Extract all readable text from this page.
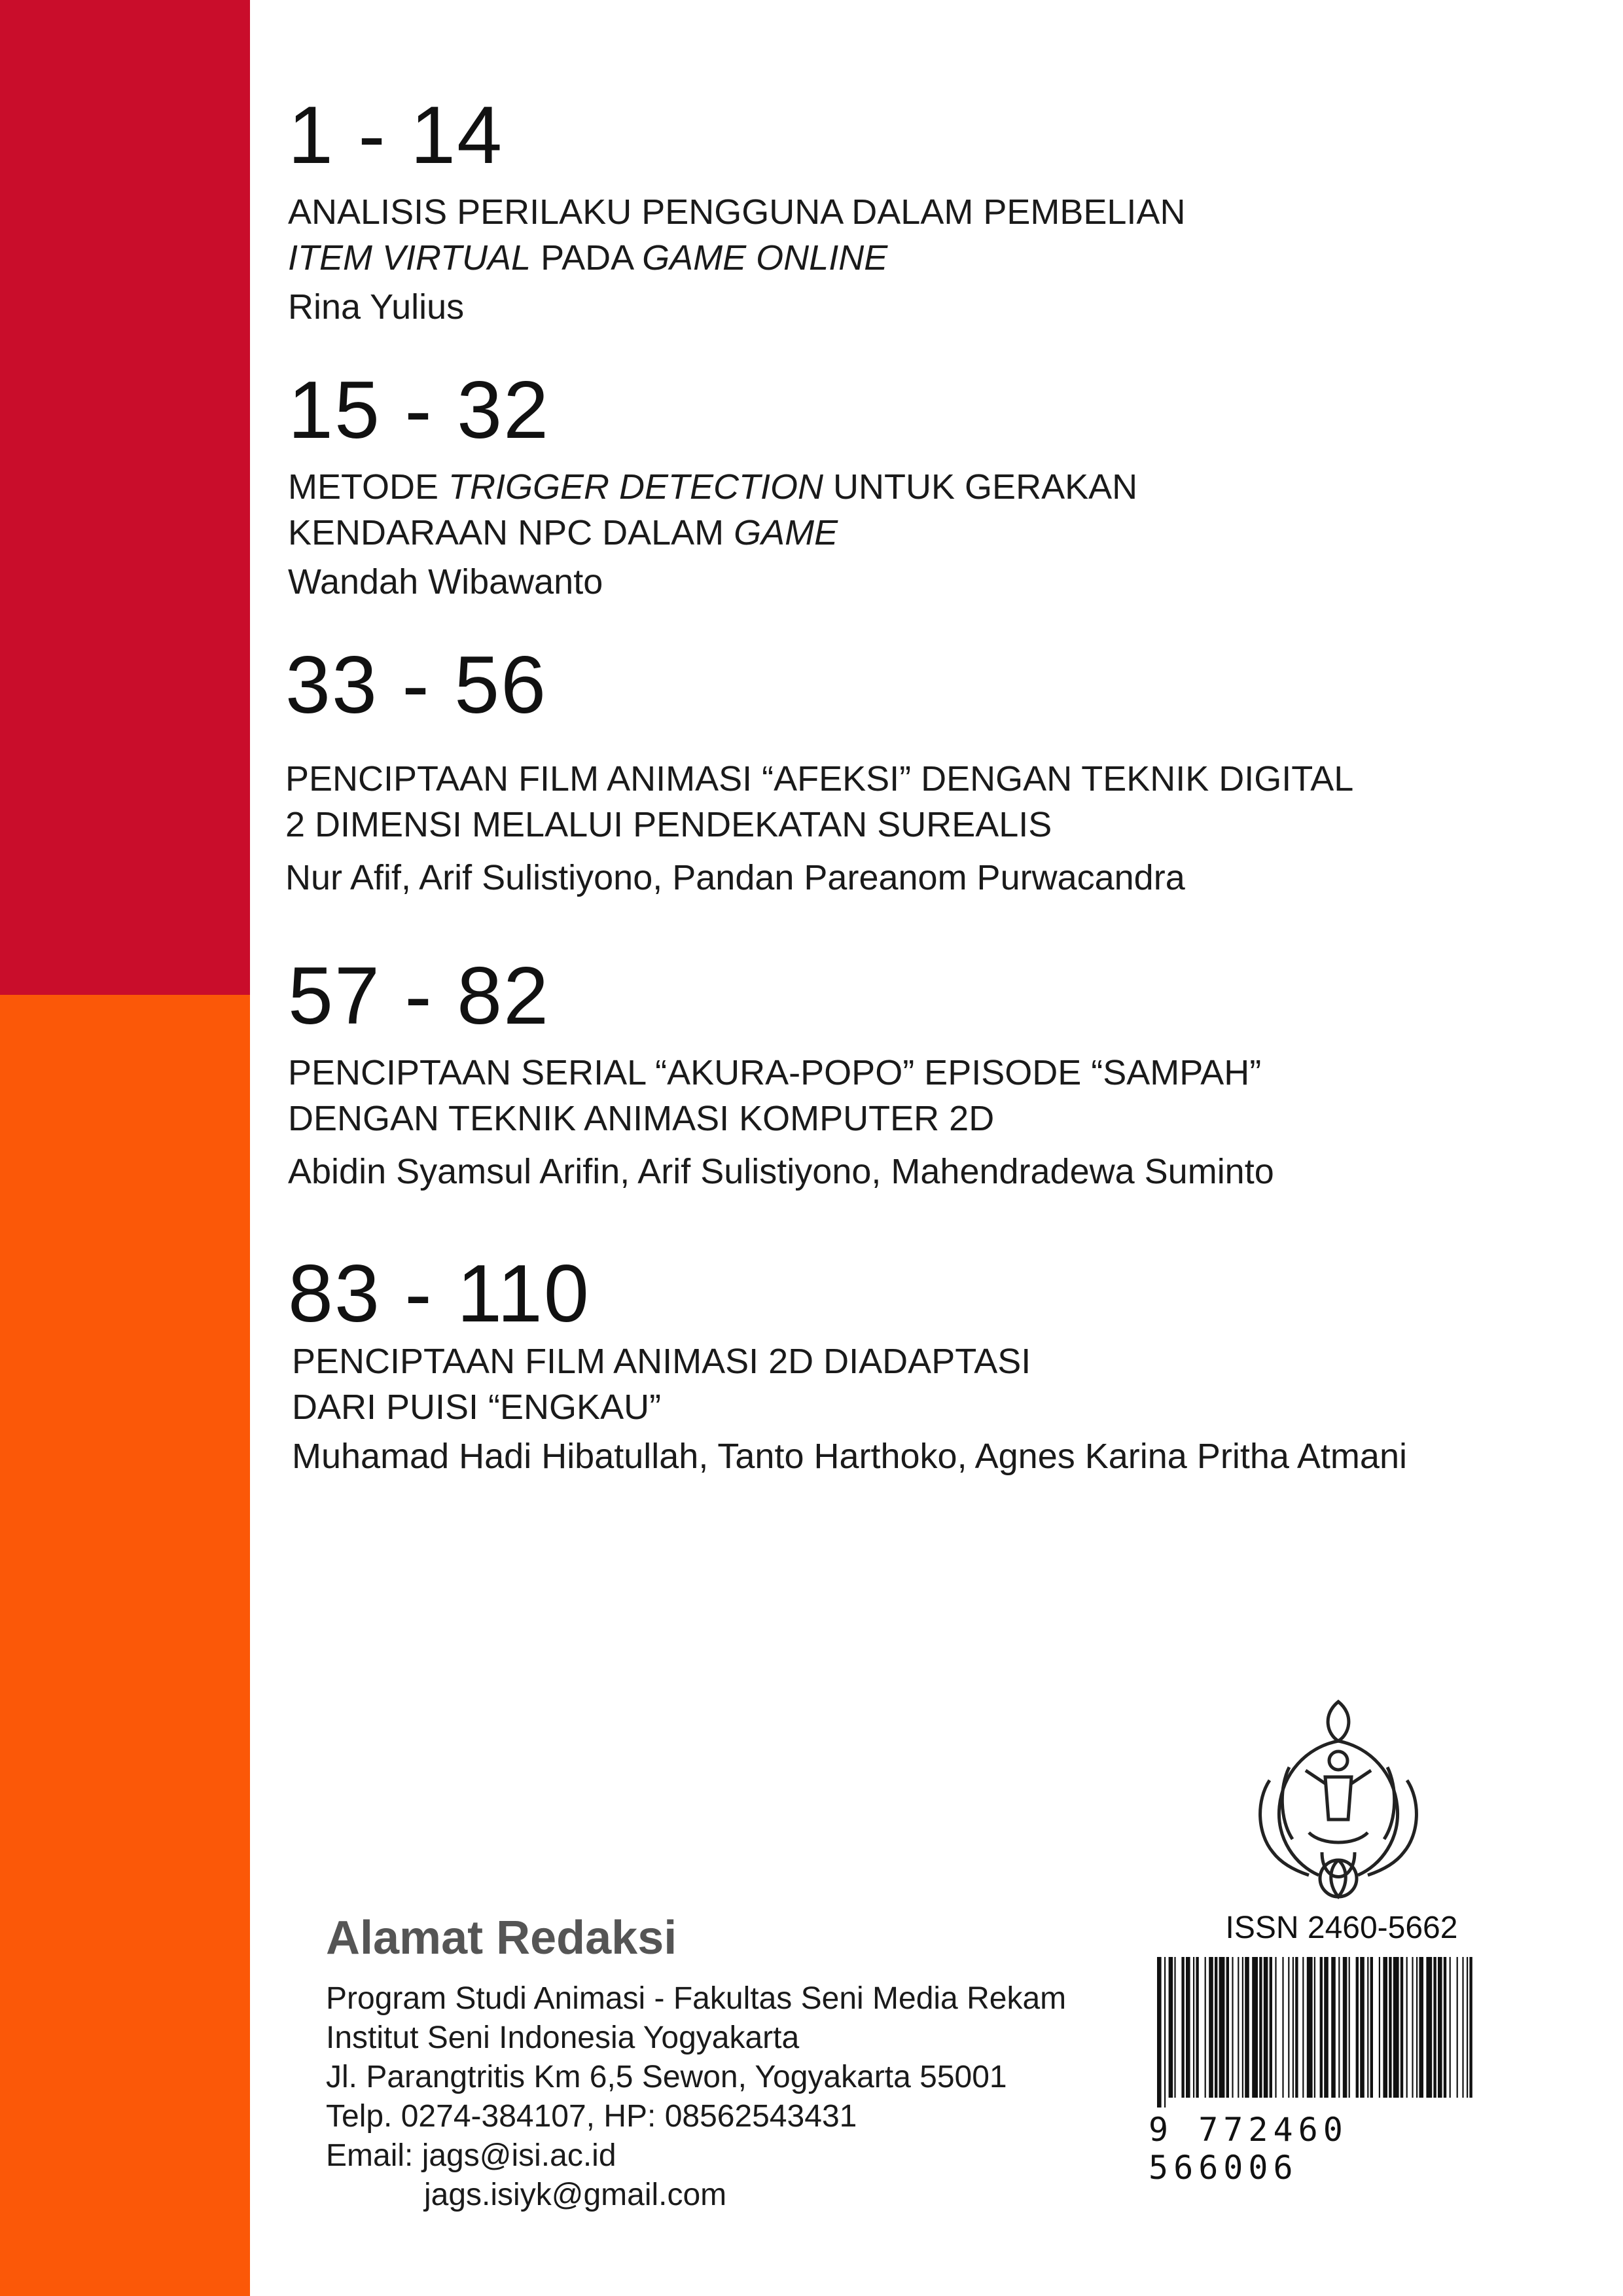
1 - 14
ANALISIS PERILAKU PENGGUNA DALAM PEMBELIAN
ITEM VIRTUAL PADA GAME ONLINE
Rina Yulius
15 - 32
METODE TRIGGER DETECTION UNTUK GERAKAN
KENDARAAN NPC DALAM GAME
Wandah Wibawanto
33 - 56
PENCIPTAAN FILM ANIMASI “AFEKSI” DENGAN TEKNIK DIGITAL
2 DIMENSI MELALUI PENDEKATAN SUREALIS
Nur Afif, Arif Sulistiyono, Pandan Pareanom Purwacandra
57 - 82
PENCIPTAAN SERIAL “AKURA-POPO” EPISODE “SAMPAH”
DENGAN TEKNIK ANIMASI KOMPUTER 2D
Abidin Syamsul Arifin, Arif Sulistiyono, Mahendradewa Suminto
83 - 110
PENCIPTAAN FILM ANIMASI 2D DIADAPTASI
DARI PUISI “ENGKAU”
Muhamad Hadi Hibatullah, Tanto Harthoko, Agnes Karina Pritha Atmani
ISSN 2460-5662
9 772460 566006
Alamat Redaksi
Program Studi Animasi - Fakultas Seni Media Rekam
Institut Seni Indonesia Yogyakarta
Jl. Parangtritis Km 6,5 Sewon, Yogyakarta 55001
Telp. 0274-384107, HP: 08562543431
Email: jags@isi.ac.id
jags.isiyk@gmail.com
